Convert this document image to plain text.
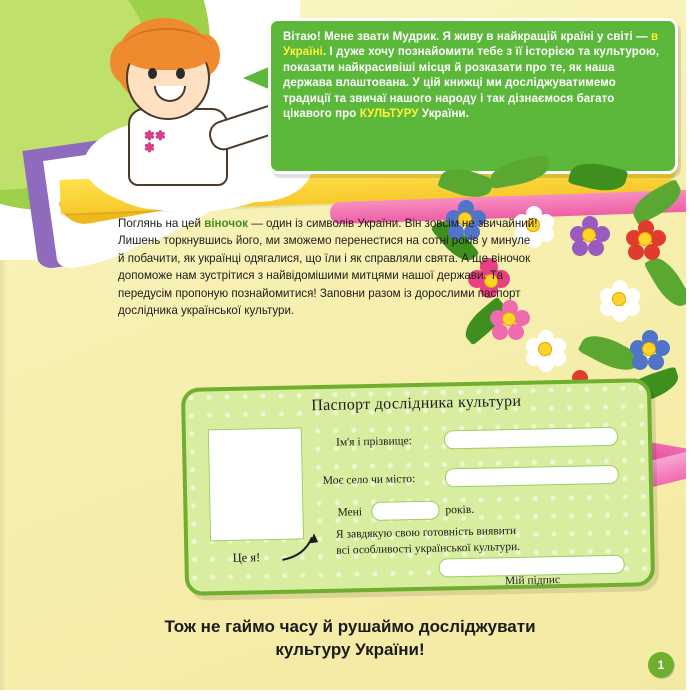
✽✽
✽
Вітаю! Мене звати Мудрик. Я живу в найкращій країні у світі — в Україні. І дуже хочу познайомити тебе з її історією та культурою, показати найкрасивіші місця й розказати про те, як наша держава влаштована. У цій книжці ми досліджуватимемо традиції та звичаї нашого народу і так дізнаємося багато цікавого про КУЛЬТУРУ України.
Поглянь на цей віночок — один із символів України. Він зовсім не звичайний! Лишень торкнувшись його, ми зможемо перенестися на сотні років у минуле й побачити, як українці одягалися, що їли і як справляли свята. А ще віночок допоможе нам зустрітися з найвідомішими митцями нашої держави. Та передусім пропоную познайомитися! Заповни разом із дорослими паспорт дослідника української культури.
Паспорт дослідника культури
Це я!
Ім'я і прізвище:
Моє село чи місто:
Мені	років.
Я завдякую свою готовність виявити
всі особливості української культури.
Мій підпис
Тож не гаймо часу й рушаймо досліджувати
культуру України!
1
